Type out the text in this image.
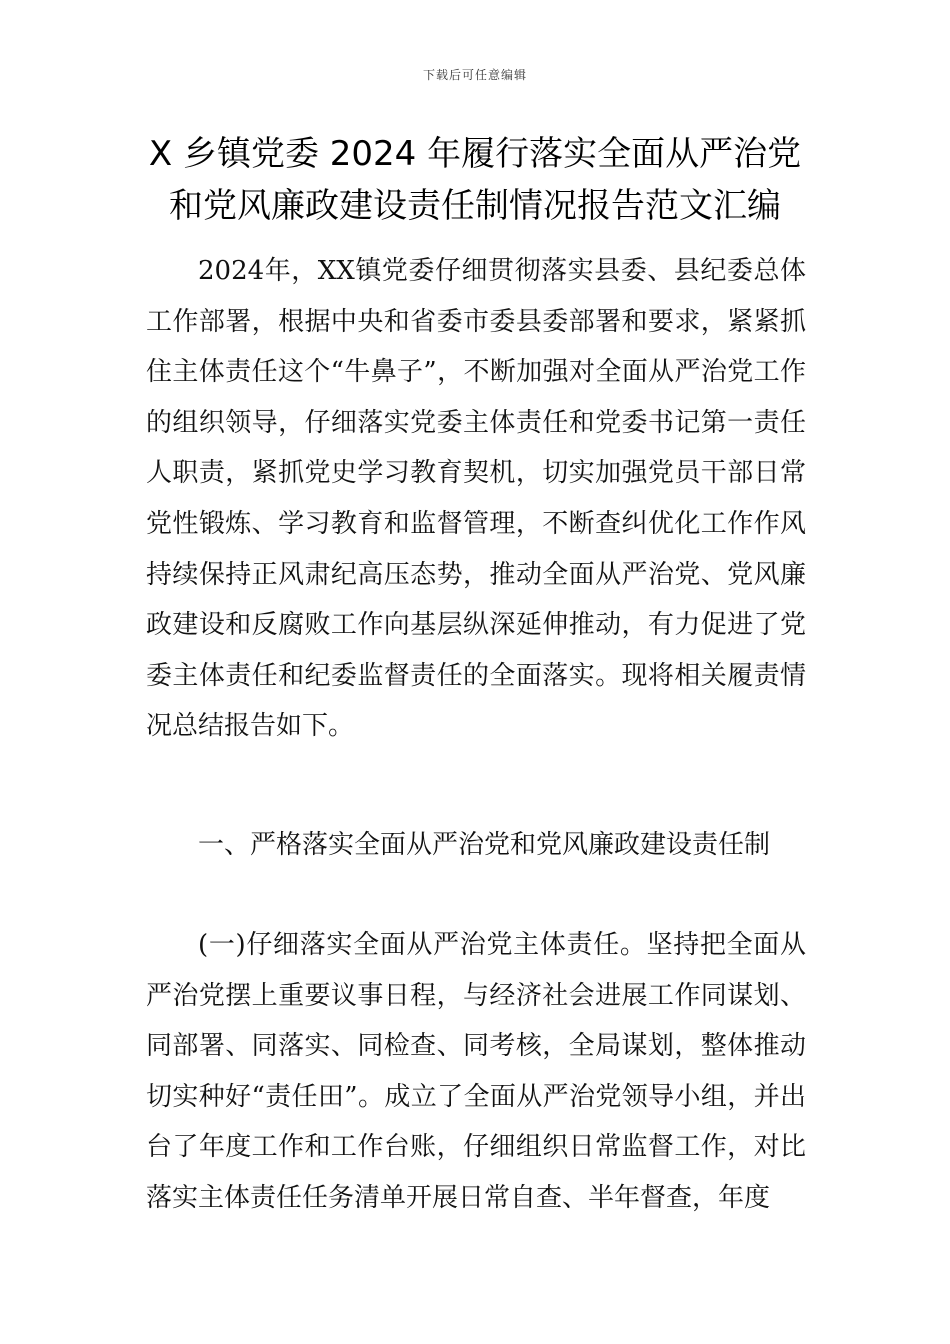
下载后可任意编辑
X 乡镇党委 2024 年履行落实全面从严治党
和党风廉政建设责任制情况报告范文汇编

2024年，XX镇党委仔细贯彻落实县委、县纪委总体工作部署，根据中央和省委市委县委部署和要求，紧紧抓住主体责任这个“牛鼻子”，不断加强对全面从严治党工作的组织领导，仔细落实党委主体责任和党委书记第一责任人职责，紧抓党史学习教育契机，切实加强党员干部日常党性锻炼、学习教育和监督管理，不断查纠优化工作作风持续保持正风肃纪高压态势，推动全面从严治党、党风廉政建设和反腐败工作向基层纵深延伸推动，有力促进了党委主体责任和纪委监督责任的全面落实。现将相关履责情况总结报告如下。

一、严格落实全面从严治党和党风廉政建设责任制

(一)仔细落实全面从严治党主体责任。坚持把全面从严治党摆上重要议事日程，与经济社会进展工作同谋划、同部署、同落实、同检查、同考核，全局谋划，整体推动切实种好“责任田”。成立了全面从严治党领导小组，并出台了年度工作和工作台账，仔细组织日常监督工作，对比落实主体责任任务清单开展日常自查、半年督查，年度
